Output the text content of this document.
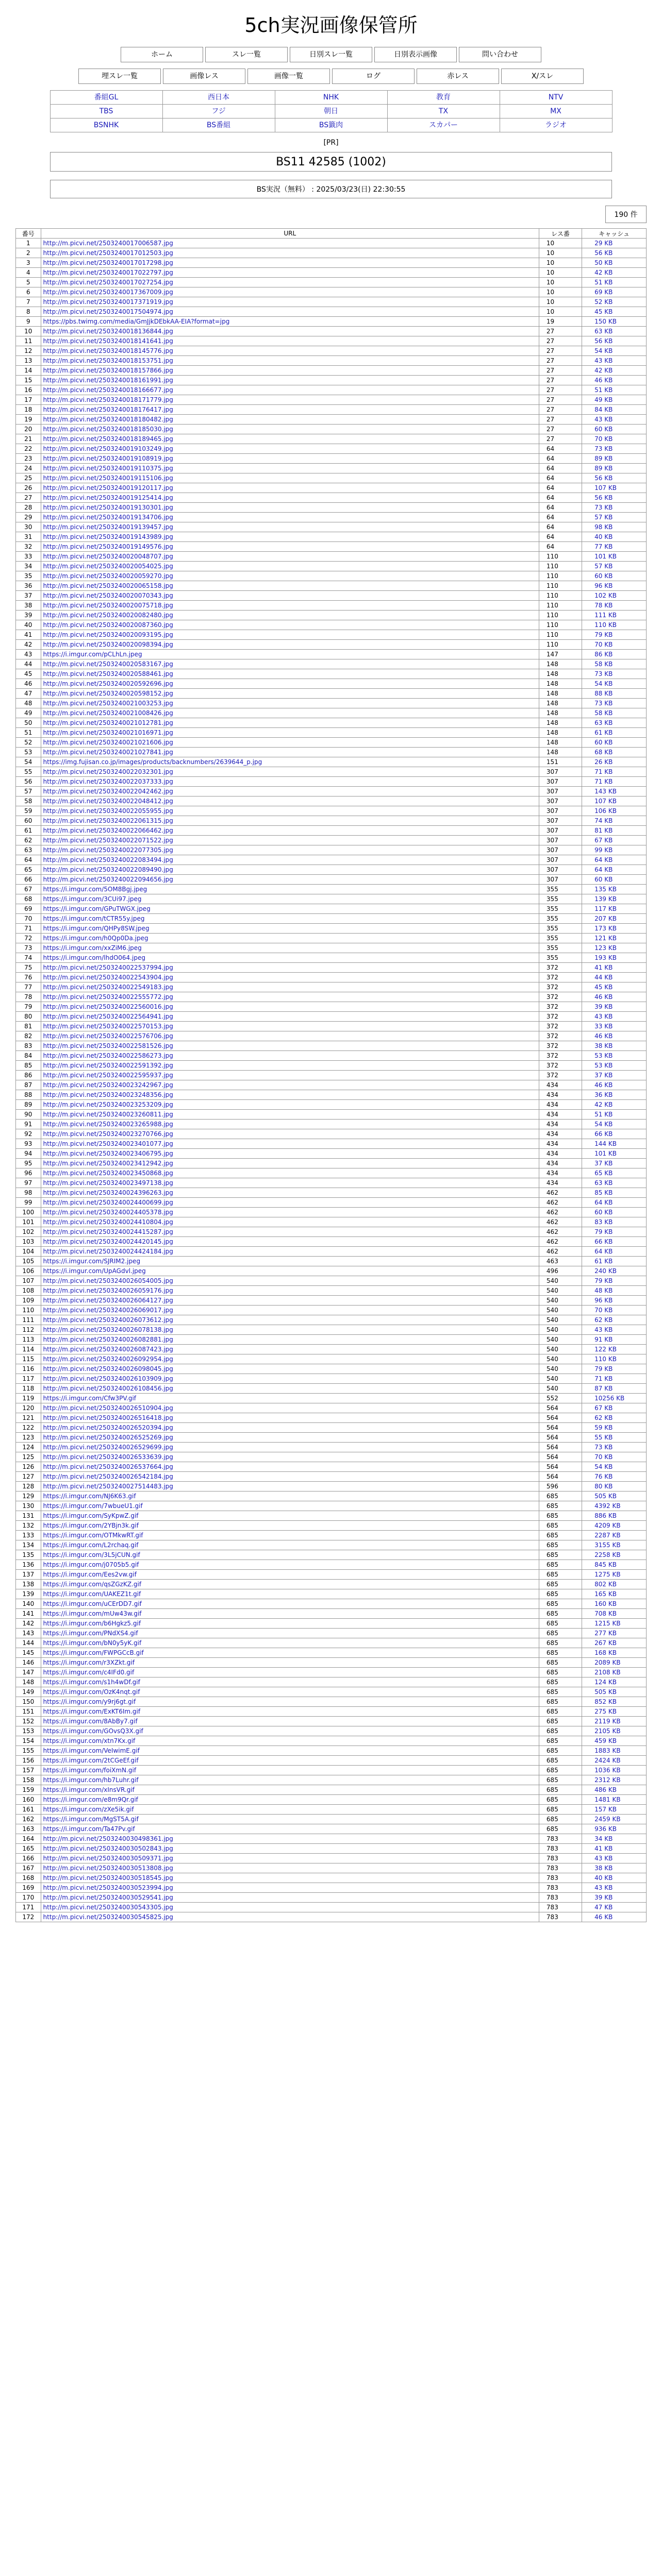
5ch実況画像保管所
ホーム	スレ一覧	日別スレ一覧	日別表示画像	問い合わせ
埋スレ一覧	画像レス	画像一覧	ログ	赤レス	X/スレ
番組GL	西日本	NHK	教育	NTV
TBS	フジ	朝日	TX	MX
BSNHK	BS番組	BS籤肉	スカパー	ラジオ
[PR]
BS11 42585 (1002)
BS実況（無料） : 2025/03/23(日) 22:30:55
190 件
番号	URL	レス番	キャッシュ
1	http://m.picvi.net/2503240017006587.jpg	10	29 KB
2	http://m.picvi.net/2503240017012503.jpg	10	56 KB
3	http://m.picvi.net/2503240017017298.jpg	10	50 KB
4	http://m.picvi.net/2503240017022797.jpg	10	42 KB
5	http://m.picvi.net/2503240017027254.jpg	10	51 KB
6	http://m.picvi.net/2503240017367009.jpg	10	69 KB
7	http://m.picvi.net/2503240017371919.jpg	10	52 KB
8	http://m.picvi.net/2503240017504974.jpg	10	45 KB
9	https://pbs.twimg.com/media/GmJjkDEbkAA-EIA?format=jpg	19	150 KB
10	http://m.picvi.net/2503240018136844.jpg	27	63 KB
11	http://m.picvi.net/2503240018141641.jpg	27	56 KB
12	http://m.picvi.net/2503240018145776.jpg	27	54 KB
13	http://m.picvi.net/2503240018153751.jpg	27	43 KB
14	http://m.picvi.net/2503240018157866.jpg	27	42 KB
15	http://m.picvi.net/2503240018161991.jpg	27	46 KB
16	http://m.picvi.net/2503240018166677.jpg	27	51 KB
17	http://m.picvi.net/2503240018171779.jpg	27	49 KB
18	http://m.picvi.net/2503240018176417.jpg	27	84 KB
19	http://m.picvi.net/2503240018180482.jpg	27	43 KB
20	http://m.picvi.net/2503240018185030.jpg	27	60 KB
21	http://m.picvi.net/2503240018189465.jpg	27	70 KB
22	http://m.picvi.net/2503240019103249.jpg	64	73 KB
23	http://m.picvi.net/2503240019108919.jpg	64	89 KB
24	http://m.picvi.net/2503240019110375.jpg	64	89 KB
25	http://m.picvi.net/2503240019115106.jpg	64	56 KB
26	http://m.picvi.net/2503240019120117.jpg	64	107 KB
27	http://m.picvi.net/2503240019125414.jpg	64	56 KB
28	http://m.picvi.net/2503240019130301.jpg	64	73 KB
29	http://m.picvi.net/2503240019134706.jpg	64	57 KB
30	http://m.picvi.net/2503240019139457.jpg	64	98 KB
31	http://m.picvi.net/2503240019143989.jpg	64	40 KB
32	http://m.picvi.net/2503240019149576.jpg	64	77 KB
33	http://m.picvi.net/2503240020048707.jpg	110	101 KB
34	http://m.picvi.net/2503240020054025.jpg	110	57 KB
35	http://m.picvi.net/2503240020059270.jpg	110	60 KB
36	http://m.picvi.net/2503240020065158.jpg	110	96 KB
37	http://m.picvi.net/2503240020070343.jpg	110	102 KB
38	http://m.picvi.net/2503240020075718.jpg	110	78 KB
39	http://m.picvi.net/2503240020082480.jpg	110	111 KB
40	http://m.picvi.net/2503240020087360.jpg	110	110 KB
41	http://m.picvi.net/2503240020093195.jpg	110	79 KB
42	http://m.picvi.net/2503240020098394.jpg	110	70 KB
43	https://i.imgur.com/pCLhLn.jpeg	147	86 KB
44	http://m.picvi.net/2503240020583167.jpg	148	58 KB
45	http://m.picvi.net/2503240020588461.jpg	148	73 KB
46	http://m.picvi.net/2503240020592696.jpg	148	54 KB
47	http://m.picvi.net/2503240020598152.jpg	148	88 KB
48	http://m.picvi.net/2503240021003253.jpg	148	73 KB
49	http://m.picvi.net/2503240021008426.jpg	148	58 KB
50	http://m.picvi.net/2503240021012781.jpg	148	63 KB
51	http://m.picvi.net/2503240021016971.jpg	148	61 KB
52	http://m.picvi.net/2503240021021606.jpg	148	60 KB
53	http://m.picvi.net/2503240021027841.jpg	148	68 KB
54	https://img.fujisan.co.jp/images/products/backnumbers/2639644_p.jpg	151	26 KB
55	http://m.picvi.net/2503240022032301.jpg	307	71 KB
56	http://m.picvi.net/2503240022037333.jpg	307	71 KB
57	http://m.picvi.net/2503240022042462.jpg	307	143 KB
58	http://m.picvi.net/2503240022048412.jpg	307	107 KB
59	http://m.picvi.net/2503240022055955.jpg	307	106 KB
60	http://m.picvi.net/2503240022061315.jpg	307	74 KB
61	http://m.picvi.net/2503240022066462.jpg	307	81 KB
62	http://m.picvi.net/2503240022071522.jpg	307	67 KB
63	http://m.picvi.net/2503240022077305.jpg	307	99 KB
64	http://m.picvi.net/2503240022083494.jpg	307	64 KB
65	http://m.picvi.net/2503240022089490.jpg	307	64 KB
66	http://m.picvi.net/2503240022094656.jpg	307	60 KB
67	https://i.imgur.com/5OM8Bgj.jpeg	355	135 KB
68	https://i.imgur.com/3CUi97.jpeg	355	139 KB
69	https://i.imgur.com/GPuTWGX.jpeg	355	117 KB
70	https://i.imgur.com/tCTR55y.jpeg	355	207 KB
71	https://i.imgur.com/QHPy8SW.jpeg	355	173 KB
72	https://i.imgur.com/h0Qp0Da.jpeg	355	121 KB
73	https://i.imgur.com/xxZiM6.jpeg	355	123 KB
74	https://i.imgur.com/lhdO064.jpeg	355	193 KB
75	http://m.picvi.net/2503240022537994.jpg	372	41 KB
76	http://m.picvi.net/2503240022543904.jpg	372	44 KB
77	http://m.picvi.net/2503240022549183.jpg	372	45 KB
78	http://m.picvi.net/2503240022555772.jpg	372	46 KB
79	http://m.picvi.net/2503240022560016.jpg	372	39 KB
80	http://m.picvi.net/2503240022564941.jpg	372	43 KB
81	http://m.picvi.net/2503240022570153.jpg	372	33 KB
82	http://m.picvi.net/2503240022576706.jpg	372	46 KB
83	http://m.picvi.net/2503240022581526.jpg	372	38 KB
84	http://m.picvi.net/2503240022586273.jpg	372	53 KB
85	http://m.picvi.net/2503240022591392.jpg	372	53 KB
86	http://m.picvi.net/2503240022595937.jpg	372	37 KB
87	http://m.picvi.net/2503240023242967.jpg	434	46 KB
88	http://m.picvi.net/2503240023248356.jpg	434	36 KB
89	http://m.picvi.net/2503240023253209.jpg	434	42 KB
90	http://m.picvi.net/2503240023260811.jpg	434	51 KB
91	http://m.picvi.net/2503240023265988.jpg	434	54 KB
92	http://m.picvi.net/2503240023270766.jpg	434	66 KB
93	http://m.picvi.net/2503240023401077.jpg	434	144 KB
94	http://m.picvi.net/2503240023406795.jpg	434	101 KB
95	http://m.picvi.net/2503240023412942.jpg	434	37 KB
96	http://m.picvi.net/2503240023450868.jpg	434	65 KB
97	http://m.picvi.net/2503240023497138.jpg	434	63 KB
98	http://m.picvi.net/2503240024396263.jpg	462	85 KB
99	http://m.picvi.net/2503240024400699.jpg	462	64 KB
100	http://m.picvi.net/2503240024405378.jpg	462	60 KB
101	http://m.picvi.net/2503240024410804.jpg	462	83 KB
102	http://m.picvi.net/2503240024415287.jpg	462	79 KB
103	http://m.picvi.net/2503240024420145.jpg	462	66 KB
104	http://m.picvi.net/2503240024424184.jpg	462	64 KB
105	https://i.imgur.com/SJRIM2.jpeg	463	61 KB
106	https://i.imgur.com/UpAGdvl.jpeg	496	240 KB
107	http://m.picvi.net/2503240026054005.jpg	540	79 KB
108	http://m.picvi.net/2503240026059176.jpg	540	48 KB
109	http://m.picvi.net/2503240026064127.jpg	540	96 KB
110	http://m.picvi.net/2503240026069017.jpg	540	70 KB
111	http://m.picvi.net/2503240026073612.jpg	540	62 KB
112	http://m.picvi.net/2503240026078138.jpg	540	43 KB
113	http://m.picvi.net/2503240026082881.jpg	540	91 KB
114	http://m.picvi.net/2503240026087423.jpg	540	122 KB
115	http://m.picvi.net/2503240026092954.jpg	540	110 KB
116	http://m.picvi.net/2503240026098045.jpg	540	79 KB
117	http://m.picvi.net/2503240026103909.jpg	540	71 KB
118	http://m.picvi.net/2503240026108456.jpg	540	87 KB
119	https://i.imgur.com/Cfw3PV.gif	552	10256 KB
120	http://m.picvi.net/2503240026510904.jpg	564	67 KB
121	http://m.picvi.net/2503240026516418.jpg	564	62 KB
122	http://m.picvi.net/2503240026520394.jpg	564	59 KB
123	http://m.picvi.net/2503240026525269.jpg	564	55 KB
124	http://m.picvi.net/2503240026529699.jpg	564	73 KB
125	http://m.picvi.net/2503240026533639.jpg	564	70 KB
126	http://m.picvi.net/2503240026537664.jpg	564	54 KB
127	http://m.picvi.net/2503240026542184.jpg	564	76 KB
128	http://m.picvi.net/2503240027514483.jpg	596	80 KB
129	https://i.imgur.com/NJ6K63.gif	685	505 KB
130	https://i.imgur.com/7wbueU1.gif	685	4392 KB
131	https://i.imgur.com/SyKpwZ.gif	685	886 KB
132	https://i.imgur.com/2YBjn3k.gif	685	4209 KB
133	https://i.imgur.com/OTMkwRT.gif	685	2287 KB
134	https://i.imgur.com/L2rchaq.gif	685	3155 KB
135	https://i.imgur.com/3L5jCUN.gif	685	2258 KB
136	https://i.imgur.com/j0705b5.gif	685	845 KB
137	https://i.imgur.com/Ees2vw.gif	685	1275 KB
138	https://i.imgur.com/qsZGzKZ.gif	685	802 KB
139	https://i.imgur.com/UAKEZ1t.gif	685	165 KB
140	https://i.imgur.com/uCErDD7.gif	685	160 KB
141	https://i.imgur.com/mUw43w.gif	685	708 KB
142	https://i.imgur.com/b6Hgkz5.gif	685	1215 KB
143	https://i.imgur.com/PNdXS4.gif	685	277 KB
144	https://i.imgur.com/bN0y5yK.gif	685	267 KB
145	https://i.imgur.com/FWPGCcB.gif	685	168 KB
146	https://i.imgur.com/r3XZkt.gif	685	2089 KB
147	https://i.imgur.com/c4IFd0.gif	685	2108 KB
148	https://i.imgur.com/s1h4wDf.gif	685	124 KB
149	https://i.imgur.com/OzK4nqt.gif	685	505 KB
150	https://i.imgur.com/y9rj6gt.gif	685	852 KB
151	https://i.imgur.com/ExKT6Im.gif	685	275 KB
152	https://i.imgur.com/8AbBy7.gif	685	2119 KB
153	https://i.imgur.com/GOvsQ3X.gif	685	2105 KB
154	https://i.imgur.com/xtn7Kx.gif	685	459 KB
155	https://i.imgur.com/VeIwimE.gif	685	1883 KB
156	https://i.imgur.com/2tCGeEf.gif	685	2424 KB
157	https://i.imgur.com/foiXmN.gif	685	1036 KB
158	https://i.imgur.com/hb7Luhr.gif	685	2312 KB
159	https://i.imgur.com/xInsVR.gif	685	486 KB
160	https://i.imgur.com/e8m9Qr.gif	685	1481 KB
161	https://i.imgur.com/zXe5ik.gif	685	157 KB
162	https://i.imgur.com/MgST5A.gif	685	2459 KB
163	https://i.imgur.com/Ta47Pv.gif	685	936 KB
164	http://m.picvi.net/2503240030498361.jpg	783	34 KB
165	http://m.picvi.net/2503240030502843.jpg	783	41 KB
166	http://m.picvi.net/2503240030509371.jpg	783	43 KB
167	http://m.picvi.net/2503240030513808.jpg	783	38 KB
168	http://m.picvi.net/2503240030518545.jpg	783	40 KB
169	http://m.picvi.net/2503240030523994.jpg	783	43 KB
170	http://m.picvi.net/2503240030529541.jpg	783	39 KB
171	http://m.picvi.net/2503240030543305.jpg	783	47 KB
172	http://m.picvi.net/2503240030545825.jpg	783	46 KB
